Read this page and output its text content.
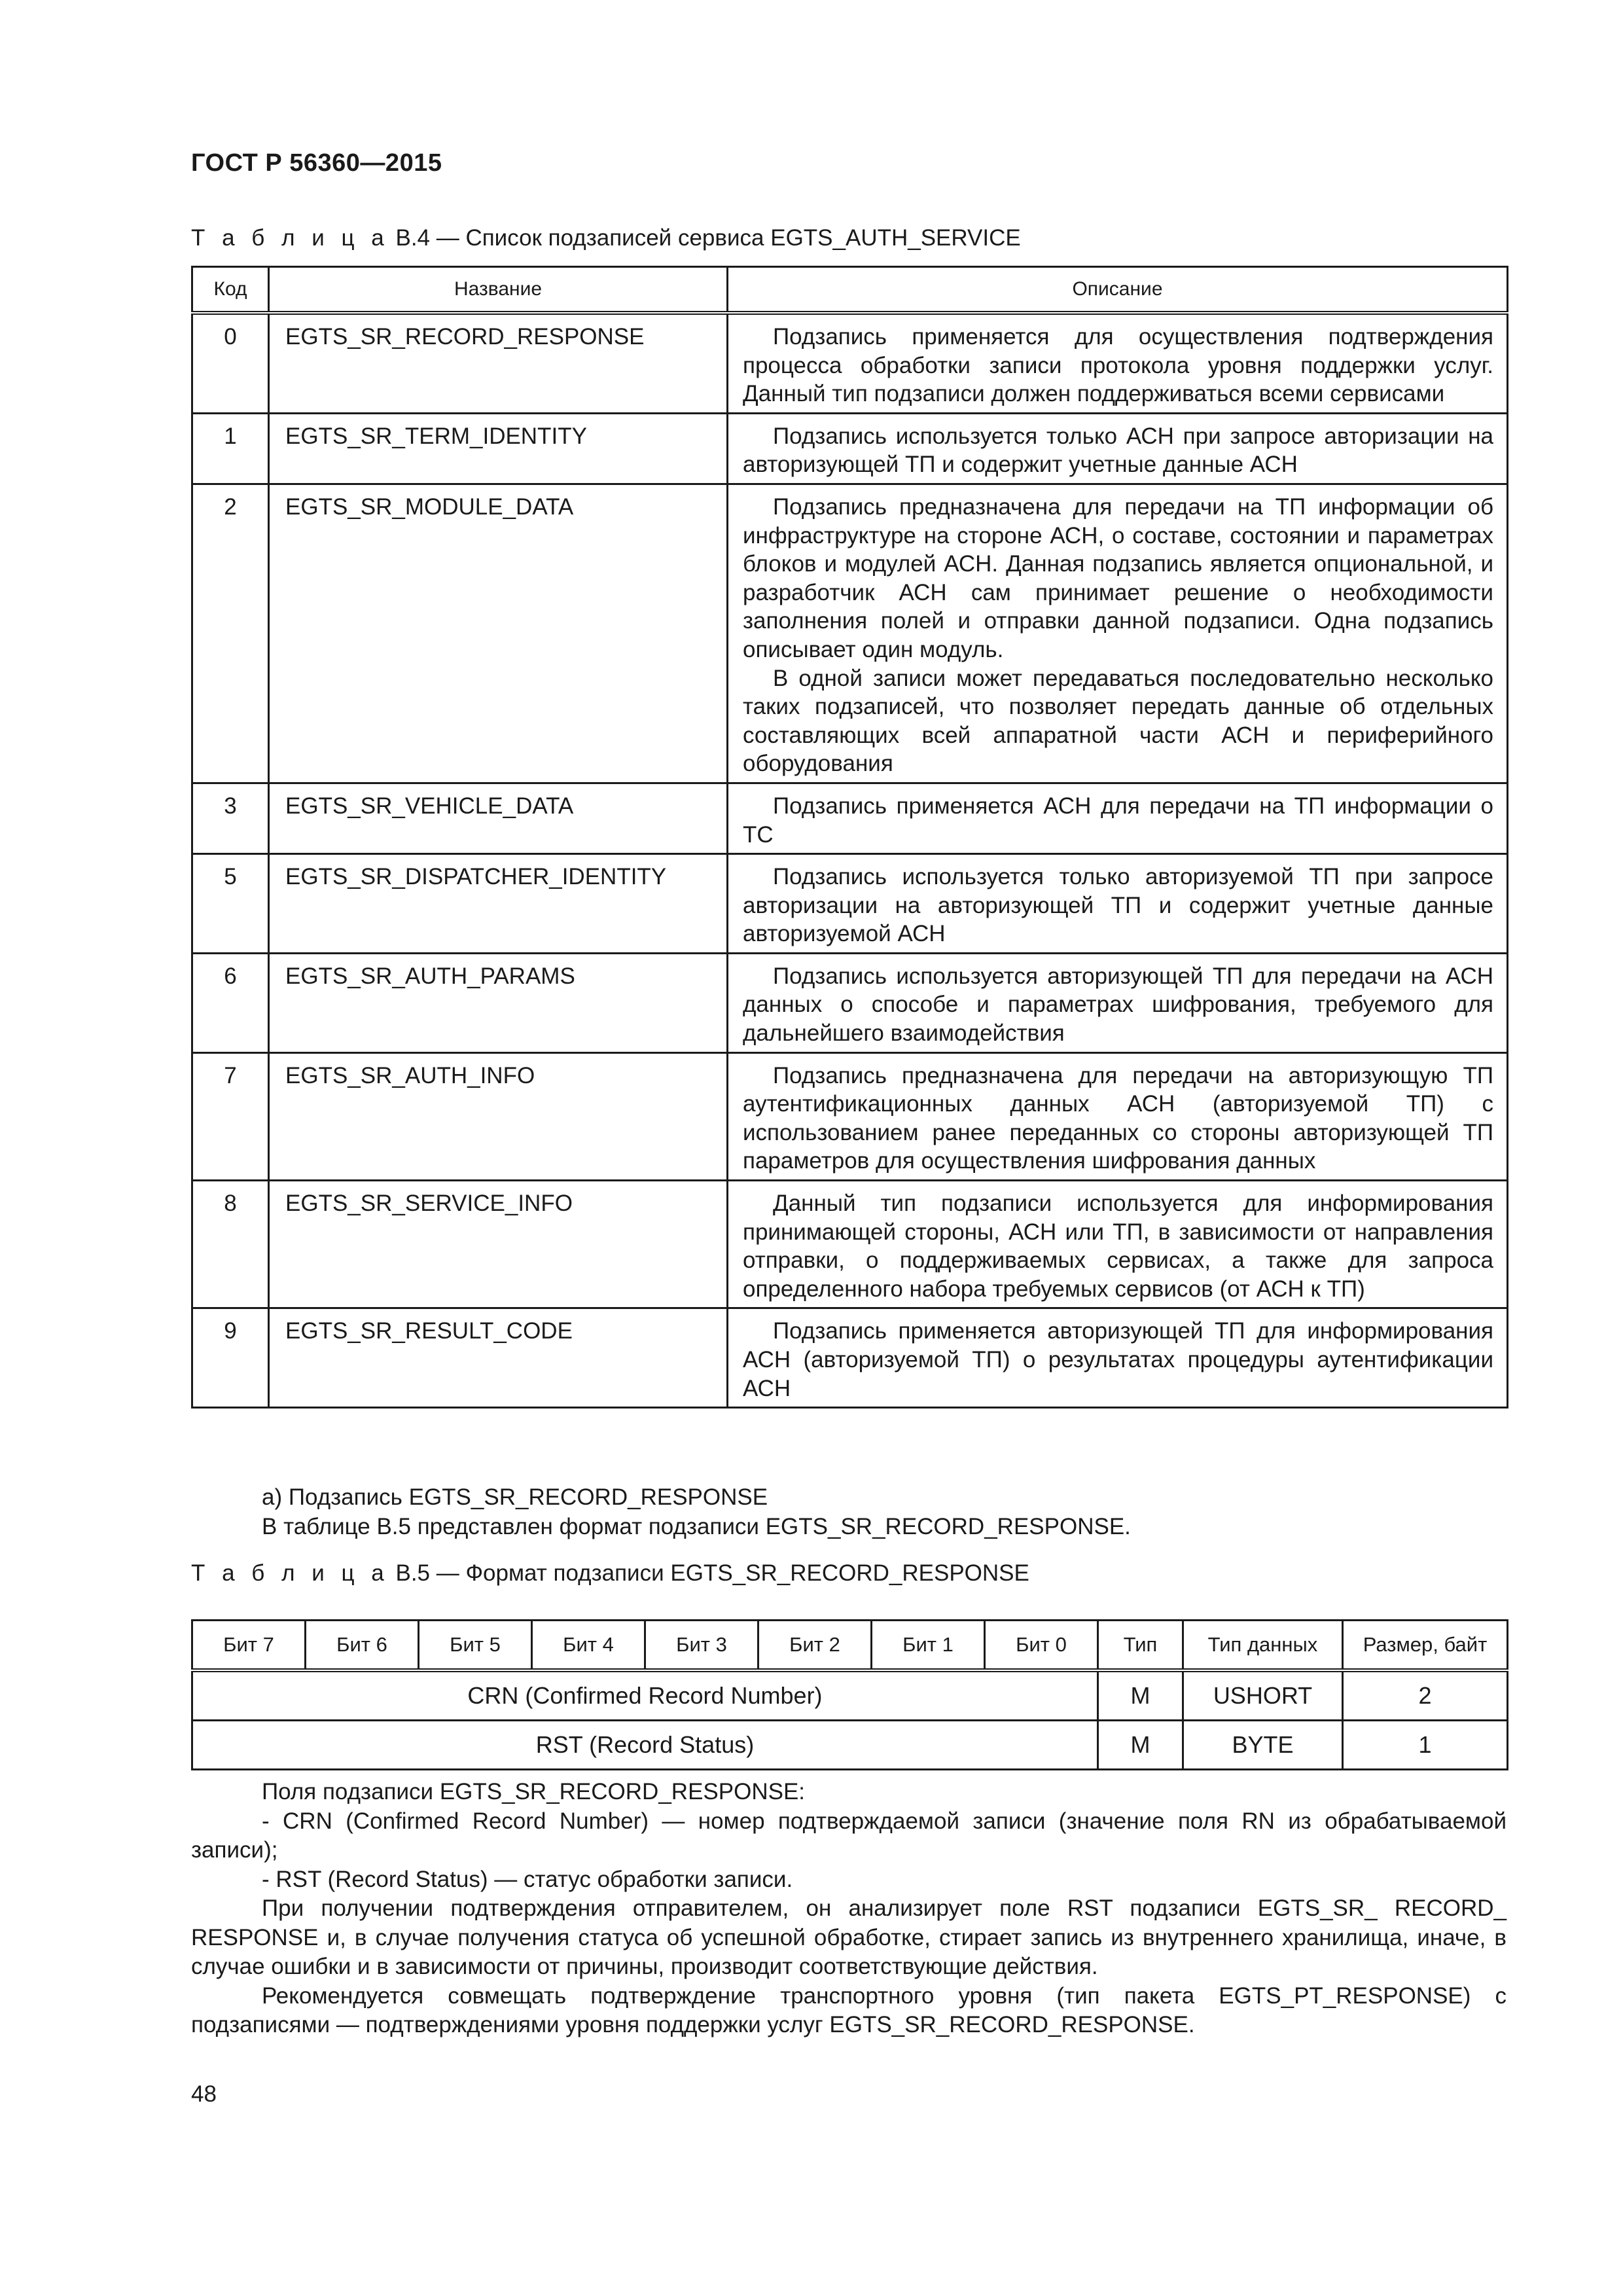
ГОСТ Р 56360—2015
Т а б л и ц а В.4 — Список подзаписей сервиса EGTS_AUTH_SERVICE
Код	Название	Описание
0	EGTS_SR_RECORD_RESPONSE	Подзапись применяется для осуществления подтверждения процесса обработки записи протокола уровня поддержки услуг. Данный тип подзаписи должен поддерживаться всеми сервисами

1	EGTS_SR_TERM_IDENTITY	Подзапись используется только АСН при запросе авторизации на авторизующей ТП и содержит учетные данные АСН

2	EGTS_SR_MODULE_DATA	Подзапись предназначена для передачи на ТП информации об инфраструктуре на стороне АСН, о составе, состоянии и параметрах блоков и модулей АСН. Данная подзапись является опциональной, и разработчик АСН сам принимает решение о необходимости заполнения полей и отправки данной подзаписи. Одна подзапись описывает один модуль.

В одной записи может передаваться последовательно несколько таких подзаписей, что позволяет передать данные об отдельных составляющих всей аппаратной части АСН и периферийного оборудования

3	EGTS_SR_VEHICLE_DATA	Подзапись применяется АСН для передачи на ТП информации о ТС

5	EGTS_SR_DISPATCHER_IDENTITY	Подзапись используется только авторизуемой ТП при запросе авторизации на авторизующей ТП и содержит учетные данные авторизуемой АСН

6	EGTS_SR_AUTH_PARAMS	Подзапись используется авторизующей ТП для передачи на АСН данных о способе и параметрах шифрования, требуемого для дальнейшего взаимодействия

7	EGTS_SR_AUTH_INFO	Подзапись предназначена для передачи на авторизующую ТП аутентификационных данных АСН (авторизуемой ТП) с использованием ранее переданных со стороны авторизующей ТП параметров для осуществления шифрования данных

8	EGTS_SR_SERVICE_INFO	Данный тип подзаписи используется для информирования принимающей стороны, АСН или ТП, в зависимости от направления отправки, о поддерживаемых сервисах, а также для запроса определенного набора требуемых сервисов (от АСН к ТП)

9	EGTS_SR_RESULT_CODE	Подзапись применяется авторизующей ТП для информирования АСН (авторизуемой ТП) о результатах процедуры аутентификации АСН

а) Подзапись EGTS_SR_RECORD_RESPONSE

В таблице В.5 представлен формат подзаписи EGTS_SR_RECORD_RESPONSE.

Т а б л и ц а В.5 — Формат подзаписи EGTS_SR_RECORD_RESPONSE
Бит 7	Бит 6	Бит 5	Бит 4	Бит 3	Бит 2	Бит 1	Бит 0	Тип	Тип данных	Размер, байт
CRN (Confirmed Record Number)								M	USHORT	2
RST (Record Status)								M	BYTE	1

Поля подзаписи EGTS_SR_RECORD_RESPONSE:

- CRN (Confirmed Record Number) — номер подтверждаемой записи (значение поля RN из обрабатываемой записи);

- RST (Record Status) — статус обработки записи.

При получении подтверждения отправителем, он анализирует поле RST подзаписи EGTS_SR_ RECORD_ RESPONSE и, в случае получения статуса об успешной обработке, стирает запись из внутреннего хранилища, иначе, в случае ошибки и в зависимости от причины, производит соответствующие действия.

Рекомендуется совмещать подтверждение транспортного уровня (тип пакета EGTS_PT_RESPONSE) с подзаписями — подтверждениями уровня поддержки услуг EGTS_SR_RECORD_RESPONSE.

48
